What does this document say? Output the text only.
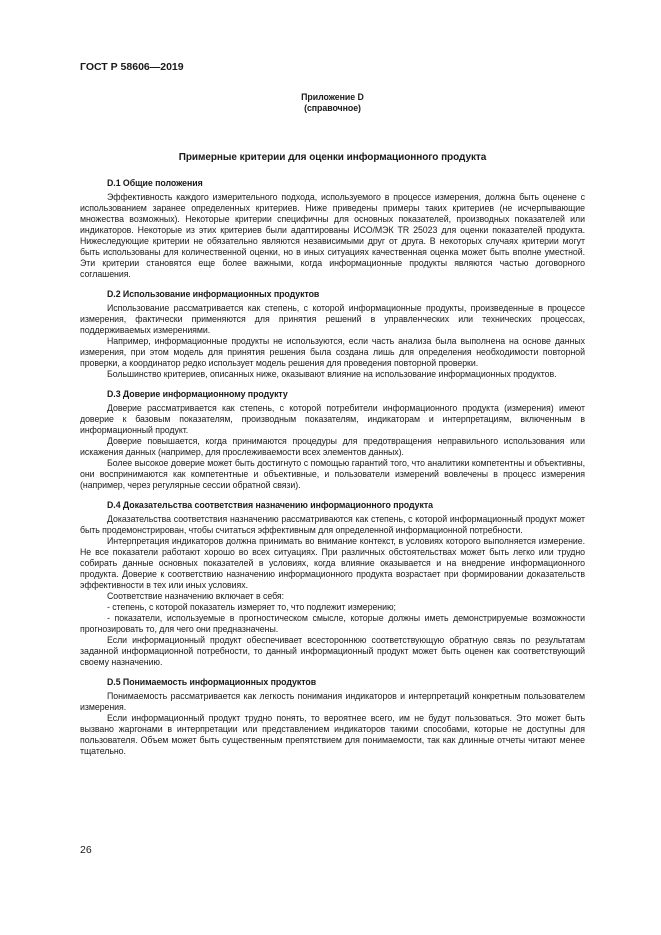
ГОСТ Р 58606—2019

Приложение D

(справочное)

Примерные критерии для оценки информационного продукта

D.1 Общие положения

Эффективность каждого измерительного подхода, используемого в процессе измерения, должна быть оценене с использованием заранее определенных критериев. Ниже приведены примеры таких критериев (не исчерпывающие множества возможных). Некоторые критерии специфичны для основных показателей, производных показателей или индикаторов. Некоторые из этих критериев были адаптированы ИСО/МЭК TR 25023 для оценки показателей продукта. Нижеследующие критерии не обязательно являются независимыми друг от друга. В некоторых случаях критерии могут быть использованы для количественной оценки, но в иных ситуациях качественная оценка может быть вполне уместной. Эти критерии становятся еще более важными, когда информационные продукты являются частью договорного соглашения.

D.2 Использование информационных продуктов

Использование рассматривается как степень, с которой информационные продукты, произведенные в процессе измерения, фактически применяются для принятия решений в управленческих или технических процессах, поддерживаемых измерениями.

Например, информационные продукты не используются, если часть анализа была выполнена на основе данных измерения, при этом модель для принятия решения была создана лишь для определения необходимости повторной проверки, а координатор редко использует модель решения для проведения повторной проверки.

Большинство критериев, описанных ниже, оказывают влияние на использование информационных продуктов.

D.3 Доверие информационному продукту

Доверие рассматривается как степень, с которой потребители информационного продукта (измерения) имеют доверие к базовым показателям, производным показателям, индикаторам и интерпретациям, включенным в информационный продукт.

Доверие повышается, когда принимаются процедуры для предотвращения неправильного использования или искажения данных (например, для прослеживаемости всех элементов данных).

Более высокое доверие может быть достигнуто с помощью гарантий того, что аналитики компетентны и объективны, они воспринимаются как компетентные и объективные, и пользователи измерений вовлечены в процесс измерения (например, через регулярные сессии обратной связи).

D.4 Доказательства соответствия назначению информационного продукта

Доказательства соответствия назначению рассматриваются как степень, с которой информационный продукт может быть продемонстрирован, чтобы считаться эффективным для определенной информационной потребности.

Интерпретация индикаторов должна принимать во внимание контекст, в условиях которого выполняется измерение. Не все показатели работают хорошо во всех ситуациях. При различных обстоятельствах может быть легко или трудно собирать данные основных показателей в условиях, когда влияние оказывается и на внедрение информационного продукта. Доверие к соответствию назначению информационного продукта возрастает при формировании доказательств эффективности в тех или иных условиях.

Соответствие назначению включает в себя:

- степень, с которой показатель измеряет то, что подлежит измерению;

- показатели, используемые в прогностическом смысле, которые должны иметь демонстрируемые возможности прогнозировать то, для чего они предназначены.

Если информационный продукт обеспечивает всестороннюю соответствующую обратную связь по результатам заданной информационной потребности, то данный информационный продукт может быть оценен как соответствующий своему назначению.

D.5 Понимаемость информационных продуктов

Понимаемость рассматривается как легкость понимания индикаторов и интерпретаций конкретным пользователем измерения.

Если информационный продукт трудно понять, то вероятнее всего, им не будут пользоваться. Это может быть вызвано жаргонами в интерпретации или представлением индикаторов такими способами, которые не доступны для пользователя. Объем может быть существенным препятствием для понимаемости, так как длинные отчеты читают менее тщательно.

26
